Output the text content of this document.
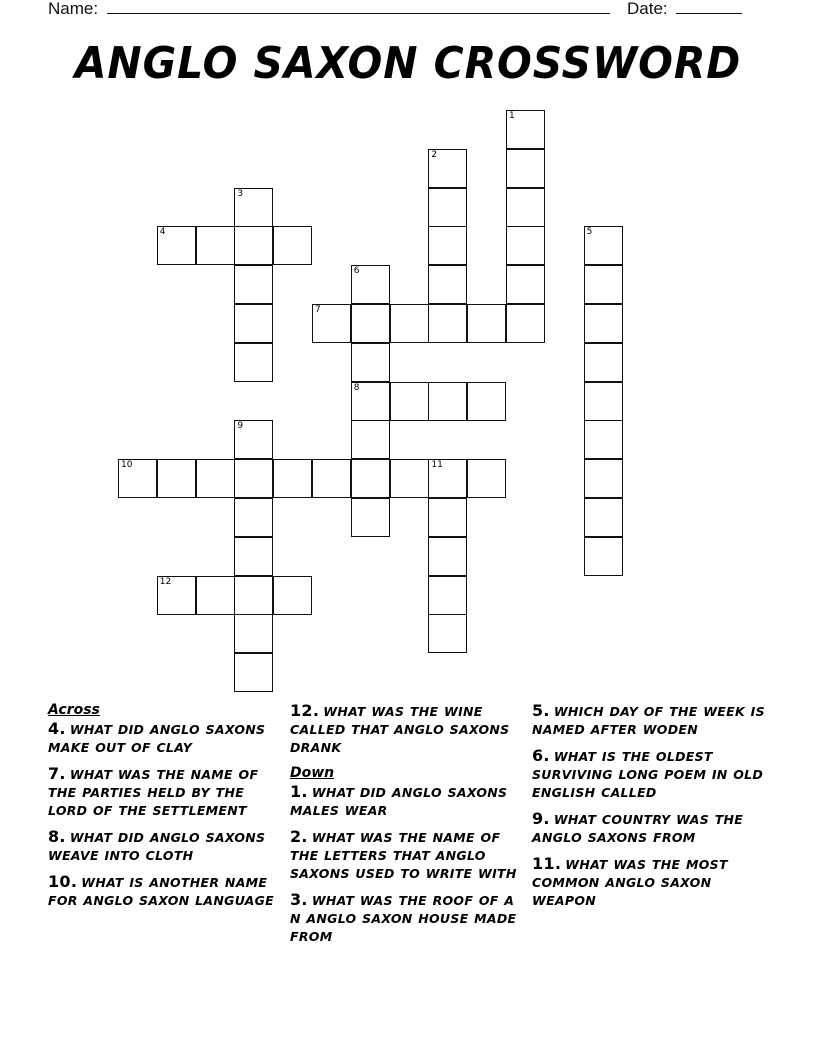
Name:	Date:
ANGLO SAXON CROSSWORD
1
2
3
4	5
6
8
7
9
10	11
12
Across
4. WHAT DID ANGLO SAXONS MAKE OUT OF CLAY
7. WHAT WAS THE NAME OF THE PARTIES HELD BY THE LORD OF THE SETTLEMENT
8. WHAT DID ANGLO SAXONS WEAVE INTO CLOTH
10. WHAT IS ANOTHER NAME FOR ANGLO SAXON LANGUAGE
12. WHAT WAS THE WINE CALLED THAT ANGLO SAXONS DRANK
Down
1. WHAT DID ANGLO SAXONS MALES WEAR
2. WHAT WAS THE NAME OF THE LETTERS THAT ANGLO SAXONS USED TO WRITE WITH
3. WHAT WAS THE ROOF OF A N ANGLO SAXON HOUSE MADE FROM
5. WHICH DAY OF THE WEEK IS NAMED AFTER WODEN
6. WHAT IS THE OLDEST SURVIVING LONG POEM IN OLD ENGLISH CALLED
9. WHAT COUNTRY WAS THE ANGLO SAXONS FROM
11. WHAT WAS THE MOST COMMON ANGLO SAXON WEAPON
